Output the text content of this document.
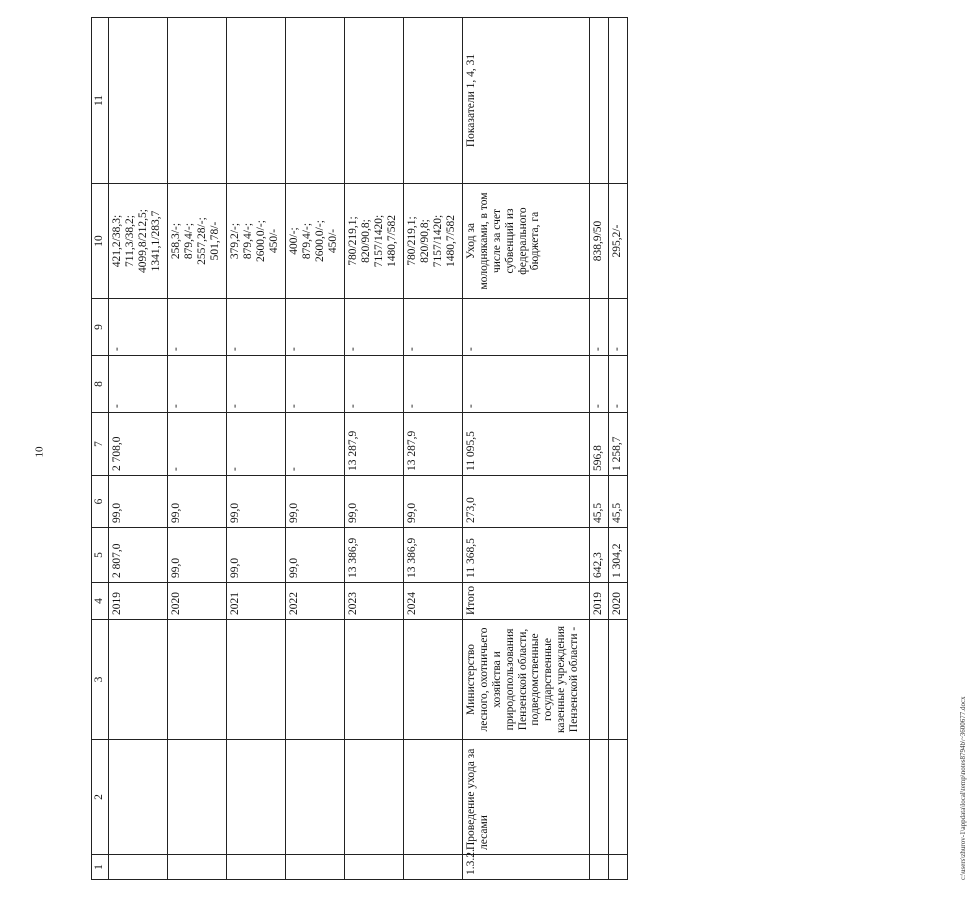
10
1	2	3	4	5	6	7	8	9	10	11
			2019	2 807,0	99,0	2 708,0	-	-	421,2/38,3;
711,3/38,2;
4099,8/212,5;
1341,1/283,7	
			2020	99,0	99,0	-	-	-	258,3/-;
879,4/-;
2557,28/-;
501,78/-	
			2021	99,0	99,0	-	-	-	379,2/-;
879,4/-;
2600,0/-;
450/-	
			2022	99,0	99,0	-	-	-	400/-;
879,4/-;
2600,0/-;
450/-	
			2023	13 386,9	99,0	13 287,9	-	-	780/219,1;
820/90,8;
7157/1420;
1480,7/582	
			2024	13 386,9	99,0	13 287,9	-	-	780/219,1;
820/90,8;
7157/1420;
1480,7/582	
1.3.2.	Проведение ухода за лесами	Министерство лесного, охотничьего хозяйства и природопользования Пензенской области, подведомственные государственные казенные учреждения Пензенской области -	Итого	11 368,5	273,0	11 095,5	-	-	Уход за молодняками, в том числе за счет субвенций из федерального бюджета, га	Показатели 1, 4, 31
			2019	642,3	45,5	596,8	-	-	838,9/50	
			2020	1 304,2	45,5	1 258,7	-	-	295,2/-	
c:\users\zhurov-1\appdata\local\temp\notes8794b\~3600677.docx
